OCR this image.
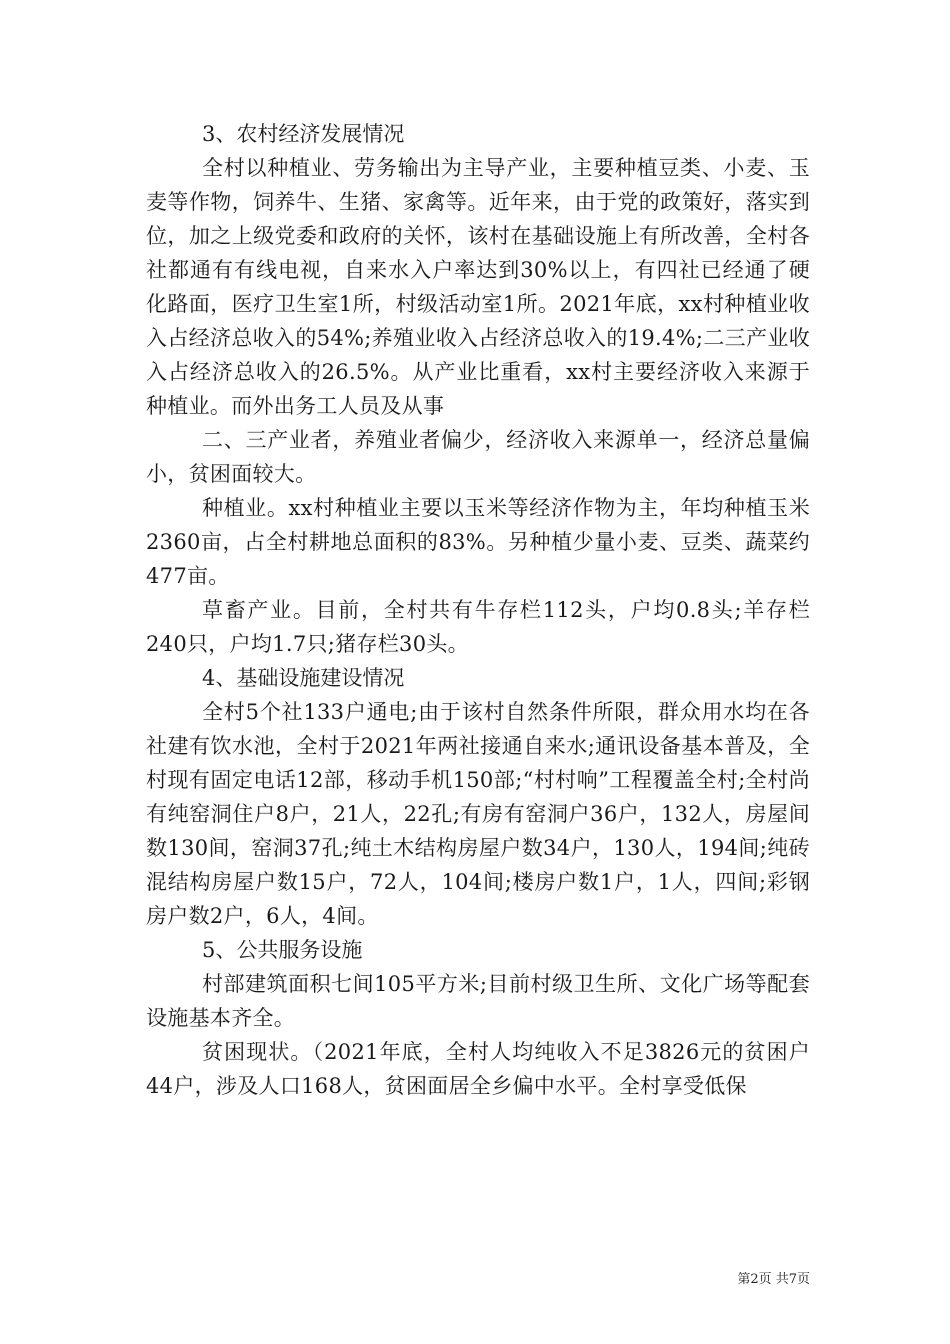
3、农村经济发展情况

全村以种植业、劳务输出为主导产业，主要种植豆类、小麦、玉麦等作物，饲养牛、生猪、家禽等。近年来，由于党的政策好，落实到位，加之上级党委和政府的关怀，该村在基础设施上有所改善，全村各社都通有有线电视，自来水入户率达到30%以上，有四社已经通了硬化路面，医疗卫生室1所，村级活动室1所。2021年底，xx村种植业收入占经济总收入的54%;养殖业收入占经济总收入的19.4%;二三产业收入占经济总收入的26.5%。从产业比重看，xx村主要经济收入来源于种植业。而外出务工人员及从事

二、三产业者，养殖业者偏少，经济收入来源单一，经济总量偏小，贫困面较大。

种植业。xx村种植业主要以玉米等经济作物为主，年均种植玉米2360亩，占全村耕地总面积的83%。另种植少量小麦、豆类、蔬菜约477亩。

草畜产业。目前，全村共有牛存栏112头，户均0.8头;羊存栏240只，户均1.7只;猪存栏30头。

4、基础设施建设情况

全村5个社133户通电;由于该村自然条件所限，群众用水均在各社建有饮水池，全村于2021年两社接通自来水;通讯设备基本普及，全村现有固定电话12部，移动手机150部;“村村响”工程覆盖全村;全村尚有纯窑洞住户8户，21人，22孔;有房有窑洞户36户，132人，房屋间数130间，窑洞37孔;纯土木结构房屋户数34户，130人，194间;纯砖混结构房屋户数15户，72人，104间;楼房户数1户，1人，四间;彩钢房户数2户，6人，4间。

5、公共服务设施

村部建筑面积七间105平方米;目前村级卫生所、文化广场等配套设施基本齐全。

贫困现状。（2021年底，全村人均纯收入不足3826元的贫困户44户，涉及人口168人，贫困面居全乡偏中水平。全村享受低保

第2页 共7页
